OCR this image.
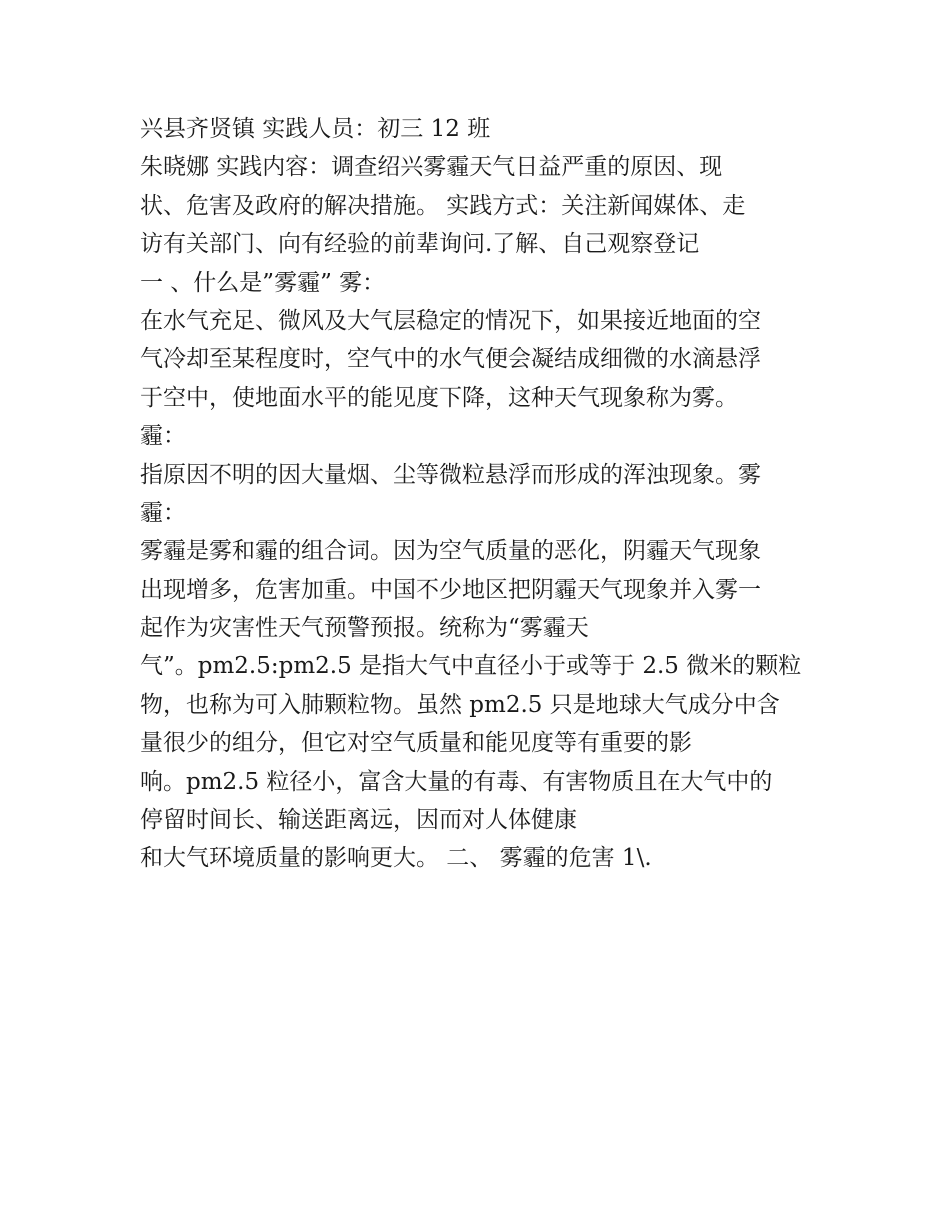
兴县齐贤镇 实践人员：初三 12 班
朱晓娜 实践内容：调查绍兴雾霾天气日益严重的原因、现
状、危害及政府的解决措施。 实践方式：关注新闻媒体、走
访有关部门、向有经验的前辈询问.了解、自己观察登记
一 、什么是”雾霾” 雾：
在水气充足、微风及大气层稳定的情况下，如果接近地面的空
气冷却至某程度时，空气中的水气便会凝结成细微的水滴悬浮
于空中，使地面水平的能见度下降，这种天气现象称为雾。
霾：
指原因不明的因大量烟、尘等微粒悬浮而形成的浑浊现象。雾
霾：
雾霾是雾和霾的组合词。因为空气质量的恶化，阴霾天气现象
出现增多，危害加重。中国不少地区把阴霾天气现象并入雾一
起作为灾害性天气预警预报。统称为“雾霾天
气”。pm2.5:pm2.5 是指大气中直径小于或等于 2.5 微米的颗粒
物，也称为可入肺颗粒物。虽然 pm2.5 只是地球大气成分中含
量很少的组分，但它对空气质量和能见度等有重要的影
响。pm2.5 粒径小，富含大量的有毒、有害物质且在大气中的
停留时间长、输送距离远，因而对人体健康
和大气环境质量的影响更大。 二、 雾霾的危害 1\.
